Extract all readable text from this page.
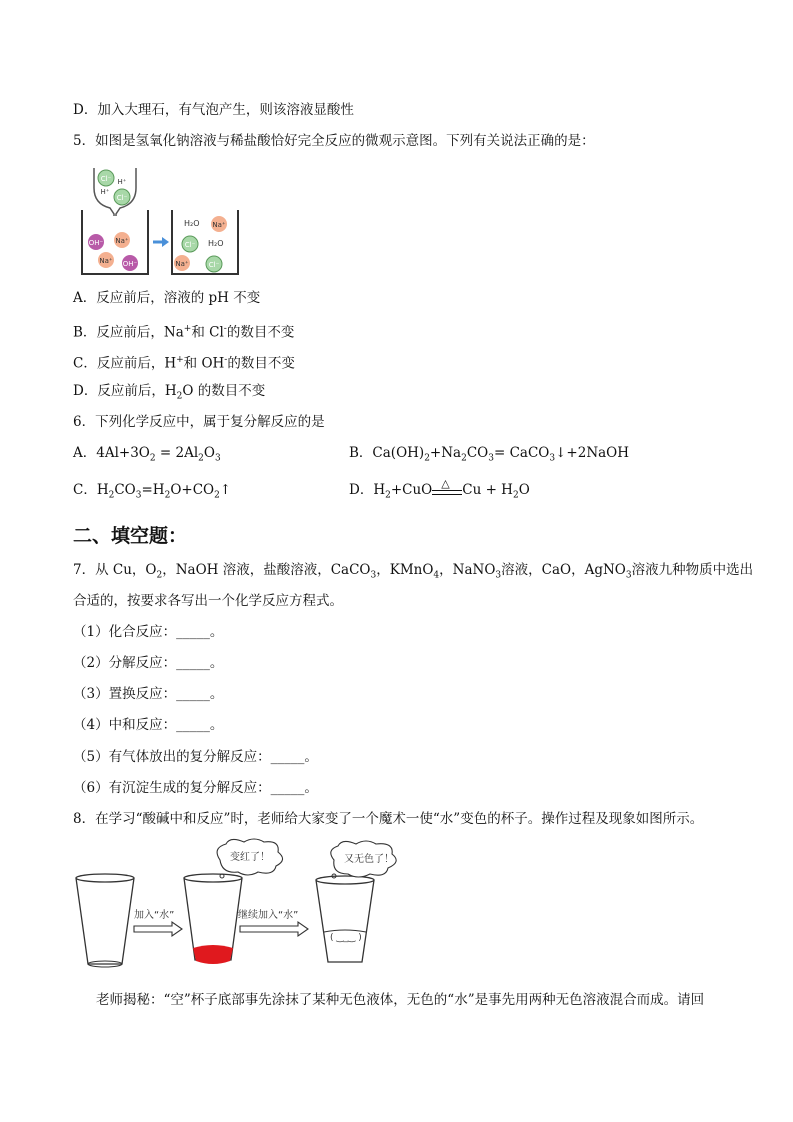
D．加入大理石，有气泡产生，则该溶液显酸性
5．如图是氢氧化钠溶液与稀盐酸恰好完全反应的微观示意图。下列有关说法正确的是：
Cl⁻ H⁺
H⁺
Cl⁻
OH⁻ Na⁺
Na⁺ OH⁻
H₂O Na⁺
Cl⁻ H₂O
Na⁺	Cl⁻
A．反应前后，溶液的 pH 不变
B．反应前后，Na+和 Cl-的数目不变
C．反应前后，H+和 OH-的数目不变
D．反应前后，$H_2O$ 的数目不变
6．下列化学反应中，属于复分解反应的是
A．$4Al+3O_2 = 2Al_2O_3$	B．$Ca(OH)_2+Na_2CO_3=$ CaCO$_3$↓+2NaOH
C．$H_2CO_3=H_2O+CO_2↑$	D．$H_2+CuO$ △ $Cu + H_2O$
二、填空题：
7．从 Cu，$O_2$，NaOH 溶液，盐酸溶液，CaCO$_3$，KMnO$_4$，NaNO$_3$溶液，CaO，AgNO$_3$溶液九种物质中选出
合适的，按要求各写出一个化学反应方程式。
（1）化合反应：_____。
（2）分解反应：_____。
（3）置换反应：_____。
（4）中和反应：_____。
（5）有气体放出的复分解反应：_____。
（6）有沉淀生成的复分解反应：_____。
8．在学习“酸碱中和反应”时，老师给大家变了一个魔术一使“水”变色的杯子。操作过程及现象如图所示。
加入“水”
变红了！
继续加入“水”
( ‿_‿ )
又无色了！
老师揭秘：“空”杯子底部事先涂抹了某种无色液体，无色的“水”是事先用两种无色溶液混合而成。请回
